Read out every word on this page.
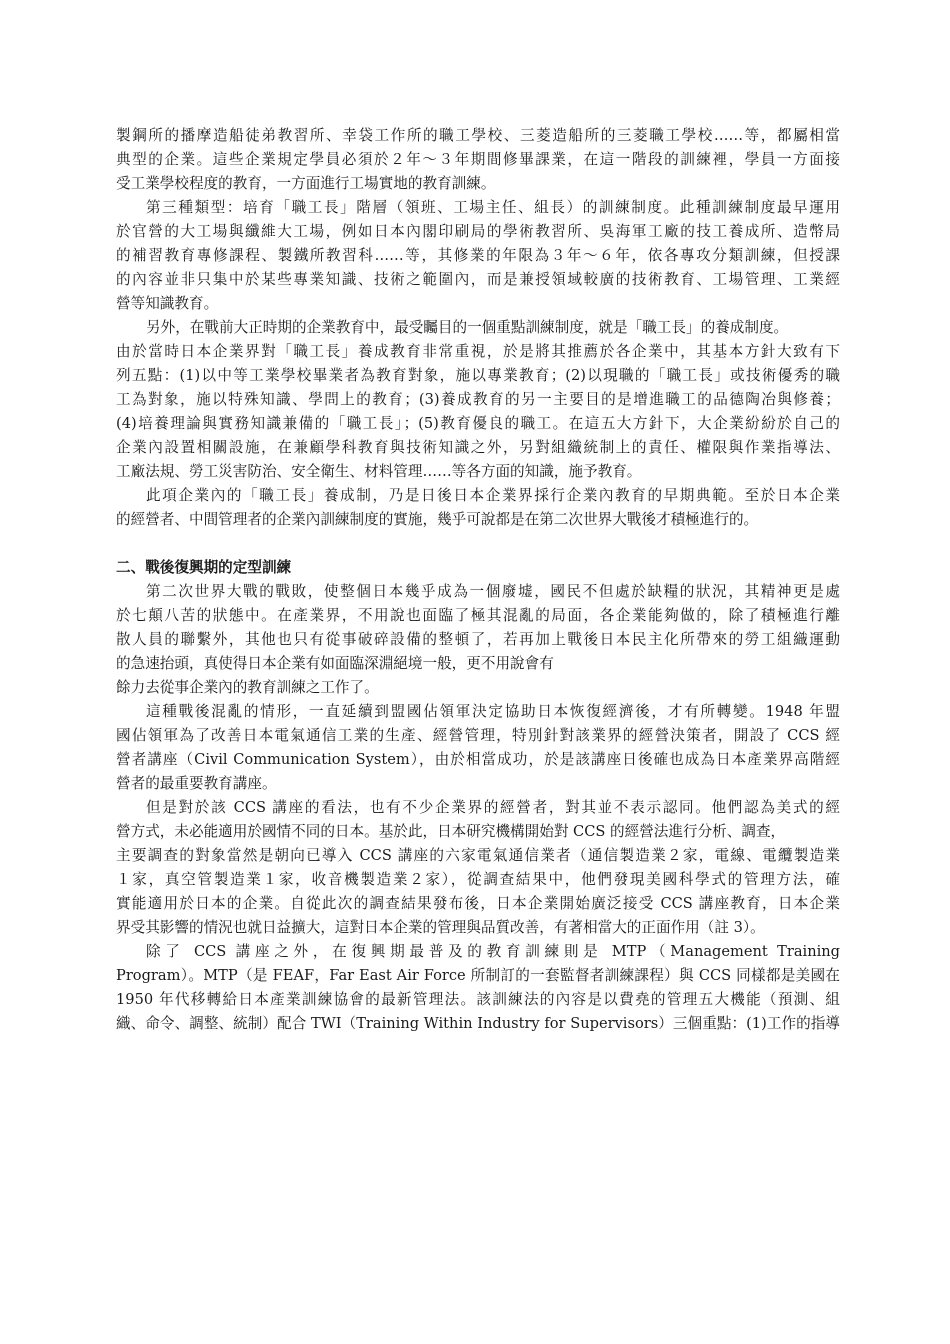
製鋼所的播摩造船徒弟教習所、幸袋工作所的職工學校、三菱造船所的三菱職工學校……等，都屬相當
典型的企業。這些企業規定學員必須於２年～３年期間修畢課業，在這一階段的訓練裡，學員一方面接
受工業學校程度的教育，一方面進行工場實地的教育訓練。
第三種類型：培育「職工長」階層（領班、工場主任、組長）的訓練制度。此種訓練制度最早運用
於官營的大工場與纖維大工場，例如日本內閣印刷局的學術教習所、吳海軍工廠的技工養成所、造幣局
的補習教育專修課程、製鐵所教習科……等，其修業的年限為３年～６年，依各專攻分類訓練，但授課
的內容並非只集中於某些專業知識、技術之範圍內，而是兼授領域較廣的技術教育、工場管理、工業經
營等知識教育。
另外，在戰前大正時期的企業教育中，最受矚目的一個重點訓練制度，就是「職工長」的養成制度。
由於當時日本企業界對「職工長」養成教育非常重視，於是將其推薦於各企業中，其基本方針大致有下
列五點：(1)以中等工業學校畢業者為教育對象，施以專業教育；(2)以現職的「職工長」或技術優秀的職
工為對象，施以特殊知識、學問上的教育；(3)養成教育的另一主要目的是增進職工的品德陶冶與修養；
(4)培養理論與實務知識兼備的「職工長」；(5)教育優良的職工。在這五大方針下，大企業紛紛於自己的
企業內設置相關設施，在兼顧學科教育與技術知識之外，另對組織統制上的責任、權限與作業指導法、
工廠法規、勞工災害防治、安全衛生、材料管理……等各方面的知識，施予教育。
此項企業內的「職工長」養成制，乃是日後日本企業界採行企業內教育的早期典範。至於日本企業
的經營者、中間管理者的企業內訓練制度的實施，幾乎可說都是在第二次世界大戰後才積極進行的。
二、戰後復興期的定型訓練
第二次世界大戰的戰敗，使整個日本幾乎成為一個廢墟，國民不但處於缺糧的狀況，其精神更是處
於七顛八苦的狀態中。在產業界，不用說也面臨了極其混亂的局面，各企業能夠做的，除了積極進行離
散人員的聯繫外，其他也只有從事破碎設備的整頓了，若再加上戰後日本民主化所帶來的勞工組織運動
的急速抬頭，真使得日本企業有如面臨深淵絕境一般，更不用說會有
餘力去從事企業內的教育訓練之工作了。
這種戰後混亂的情形，一直延續到盟國佔領軍決定協助日本恢復經濟後，才有所轉變。1948 年盟
國佔領軍為了改善日本電氣通信工業的生產、經營管理，特別針對該業界的經營決策者，開設了 CCS 經
營者講座（Civil Communication System），由於相當成功，於是該講座日後確也成為日本產業界高階經
營者的最重要教育講座。
但是對於該 CCS 講座的看法，也有不少企業界的經營者，對其並不表示認同。他們認為美式的經
營方式，未必能適用於國情不同的日本。基於此，日本研究機構開始對 CCS 的經營法進行分析、調查，
主要調查的對象當然是朝向已導入 CCS 講座的六家電氣通信業者（通信製造業２家，電線、電纜製造業
１家，真空管製造業１家，收音機製造業２家），從調查結果中，他們發現美國科學式的管理方法，確
實能適用於日本的企業。自從此次的調查結果發布後，日本企業開始廣泛接受 CCS 講座教育，日本企業
界受其影響的情況也就日益擴大，這對日本企業的管理與品質改善，有著相當大的正面作用（註 3）。
除了 CCS 講座之外，在復興期最普及的教育訓練則是 MTP（Management Training
Program）。MTP（是 FEAF，Far East Air Force 所制訂的一套監督者訓練課程）與 CCS 同樣都是美國在
1950 年代移轉給日本產業訓練協會的最新管理法。該訓練法的內容是以費堯的管理五大機能（預測、組
織、命令、調整、統制）配合 TWI（Training Within Industry for Supervisors）三個重點：(1)工作的指導
